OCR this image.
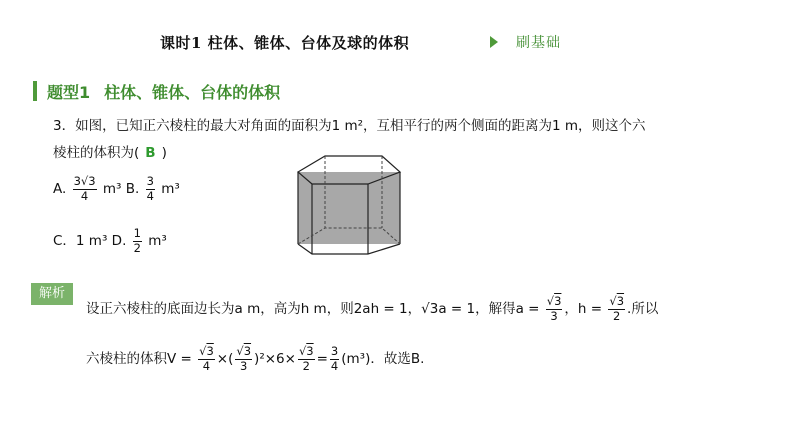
课时1 柱体、锥体、台体及球的体积	刷基础
题型1 柱体、锥体、台体的体积
3．如图，已知正六棱柱的最大对角面的面积为1 m²，互相平行的两个侧面的距离为1 m，则这个六
棱柱的体积为( B )
A. $\frac{3√3}{4} m^3$ B. $\frac{3}{4} m^3$
C．1 m³ D. $\frac{1}{2} m^3$
解析
设正六棱柱的底面边长为a m，高为h m，则2ah = 1，√3a = 1，解得$a = \frac{√3}{3}$ ，$h = \frac{√3}{2}$ .所以
六棱柱的体积$V = \frac{√3}{4}$ ×( $\frac{√3}{3} )^2\times 6\times \frac{√3}{2} = \frac{3}{4} (m^3)$．故选B.
